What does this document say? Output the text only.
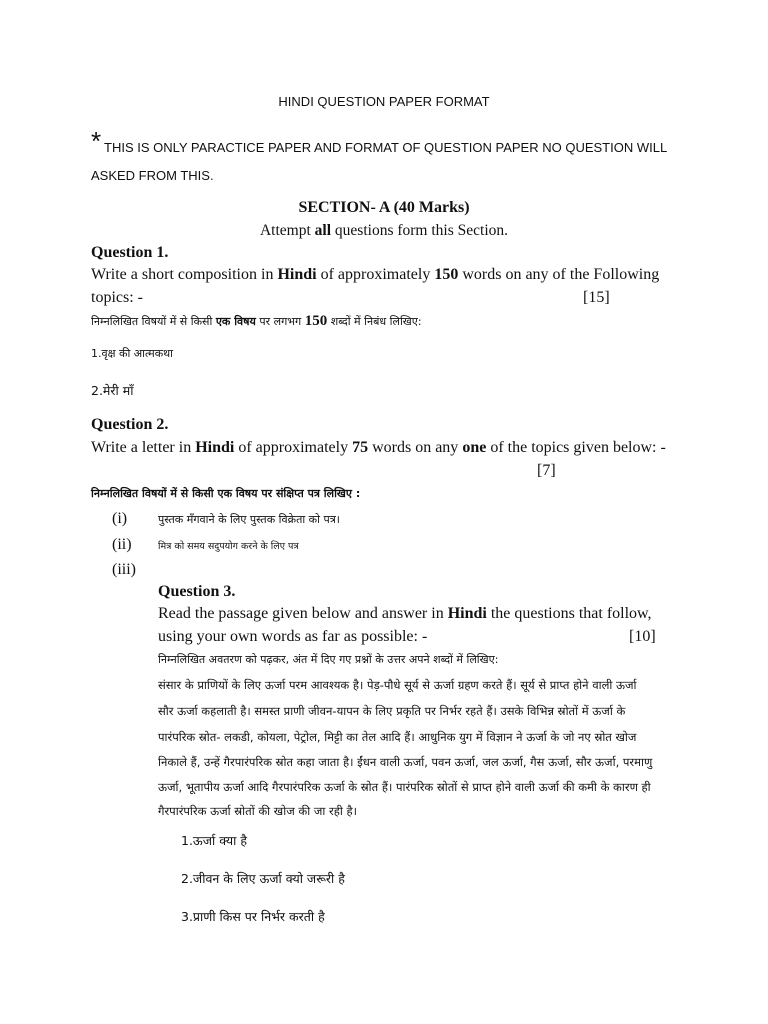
HINDI QUESTION PAPER FORMAT
* THIS IS ONLY PARACTICE PAPER AND FORMAT OF QUESTION PAPER NO QUESTION WILL
ASKED FROM THIS.
SECTION- A (40 Marks)
Attempt all questions form this Section.
Question 1.
Write a short composition in Hindi of approximately 150 words on any of the Following
topics: -	[15]
निम्नलिखित विषयों में से किसी एक विषय पर लगभग 150 शब्दों में निबंध लिखिए:
1.वृक्ष की आत्मकथा
2.मेरी माँ
Question 2.
Write a letter in Hindi of approximately 75 words on any one of the topics given below: -
[7]
निम्नलिखित विषयों में से किसी एक विषय पर संक्षिप्त पत्र लिखिए :
(i)	पुस्तक मँगवाने के लिए पुस्तक विक्रेता को पत्र।
(ii)	मित्र को समय सदुपयोग करने के लिए पत्र
(iii)
Question 3.
Read the passage given below and answer in Hindi the questions that follow,
using your own words as far as possible: -	[10]
निम्नलिखित अवतरण को पढ़कर, अंत में दिए गए प्रश्नों के उत्तर अपने शब्दों में लिखिए:
संसार के प्राणियों के लिए ऊर्जा परम आवश्यक है। पेड़-पौधे सूर्य से ऊर्जा ग्रहण करते हैं। सूर्य से प्राप्त होने वाली ऊर्जा
सौर ऊर्जा कहलाती है। समस्त प्राणी जीवन-यापन के लिए प्रकृति पर निर्भर रहते हैं। उसके विभिन्न स्रोतों में ऊर्जा के
पारंपरिक स्रोत- लकडी, कोयला, पेट्रोल, मिट्टी का तेल आदि हैं। आधुनिक युग में विज्ञान ने ऊर्जा के जो नए स्रोत खोज
निकाले हैं, उन्हें गैरपारंपरिक स्रोत कहा जाता है। ईंधन वाली ऊर्जा, पवन ऊर्जा, जल ऊर्जा, गैस ऊर्जा, सौर ऊर्जा, परमाणु
ऊर्जा, भूतापीय ऊर्जा आदि गैरपारंपरिक ऊर्जा के स्रोत हैं। पारंपरिक स्रोतों से प्राप्त होने वाली ऊर्जा की कमी के कारण ही
गैरपारंपरिक ऊर्जा स्रोतों की खोज की जा रही है।
1.ऊर्जा क्या है
2.जीवन के लिए ऊर्जा क्यो जरूरी है
3.प्राणी किस पर निर्भर करती है
